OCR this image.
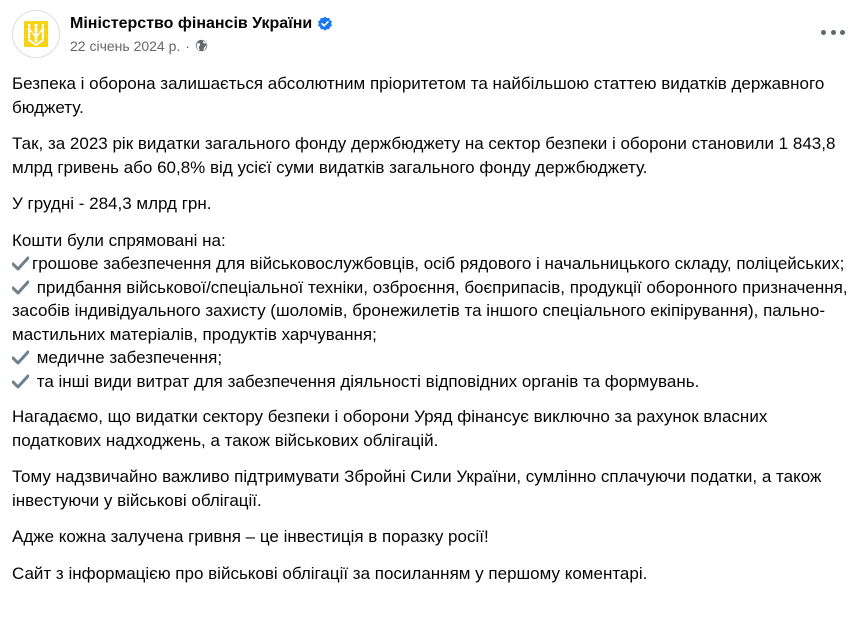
Міністерство фінансів України
22 січень 2024 р. ·

Безпека і оборона залишається абсолютним пріоритетом та найбільшою статтею видатків державного бюджету.

Так, за 2023 рік видатки загального фонду держбюджету на сектор безпеки і оборони становили 1 843,8 млрд гривень або 60,8% від усієї суми видатків загального фонду держбюджету.

У грудні - 284,3 млрд грн.

Кошти були спрямовані на:
грошове забезпечення для військовослужбовців, осіб рядового і начальницького складу, поліцейських;
придбання військової/спеціальної техніки, озброєння, боєприпасів, продукції оборонного призначення, засобів індивідуального захисту (шоломів, бронежилетів та іншого спеціального екіпірування), пально-мастильних матеріалів, продуктів харчування;
медичне забезпечення;
та інші види витрат для забезпечення діяльності відповідних органів та формувань.

Нагадаємо, що видатки сектору безпеки і оборони Уряд фінансує виключно за рахунок власних податкових надходжень, а також військових облігацій.

Тому надзвичайно важливо підтримувати Збройні Сили України, сумлінно сплачуючи податки, а також інвестуючи у військові облігації.

Адже кожна залучена гривня – це інвестиція в поразку росії!

Сайт з інформацією про військові облігації за посиланням у першому коментарі.
